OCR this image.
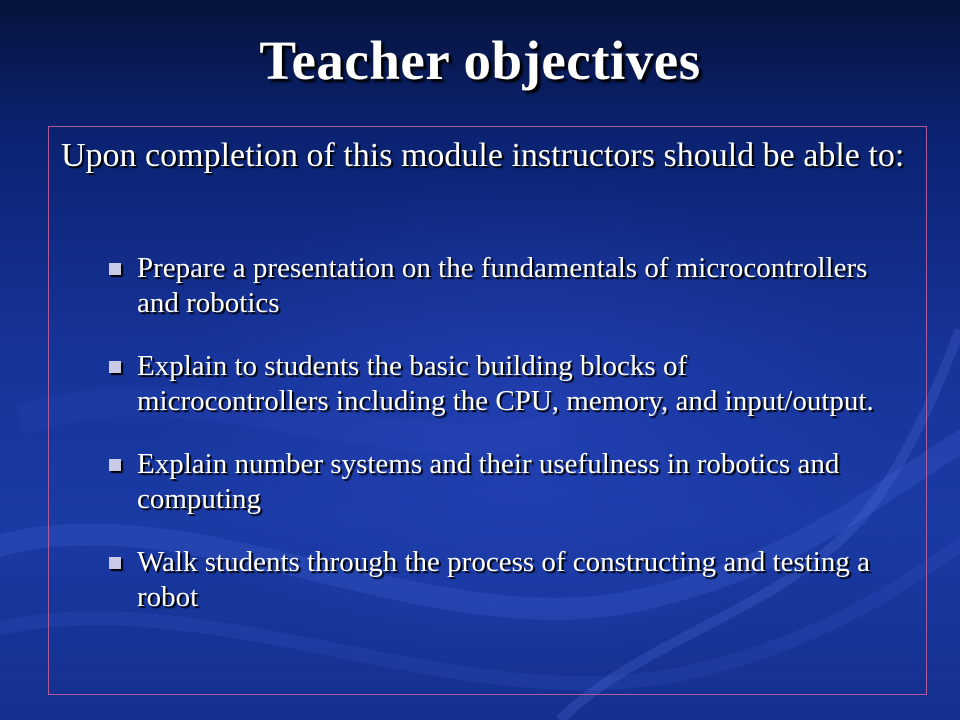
Teacher objectives

Upon completion of this module instructors should be able to:

Prepare a presentation on the fundamentals of microcontrollers and robotics
Explain to students the basic building blocks of microcontrollers including the CPU, memory, and input/output.
Explain number systems and their usefulness in robotics and computing
Walk students through the process of constructing and testing a robot
